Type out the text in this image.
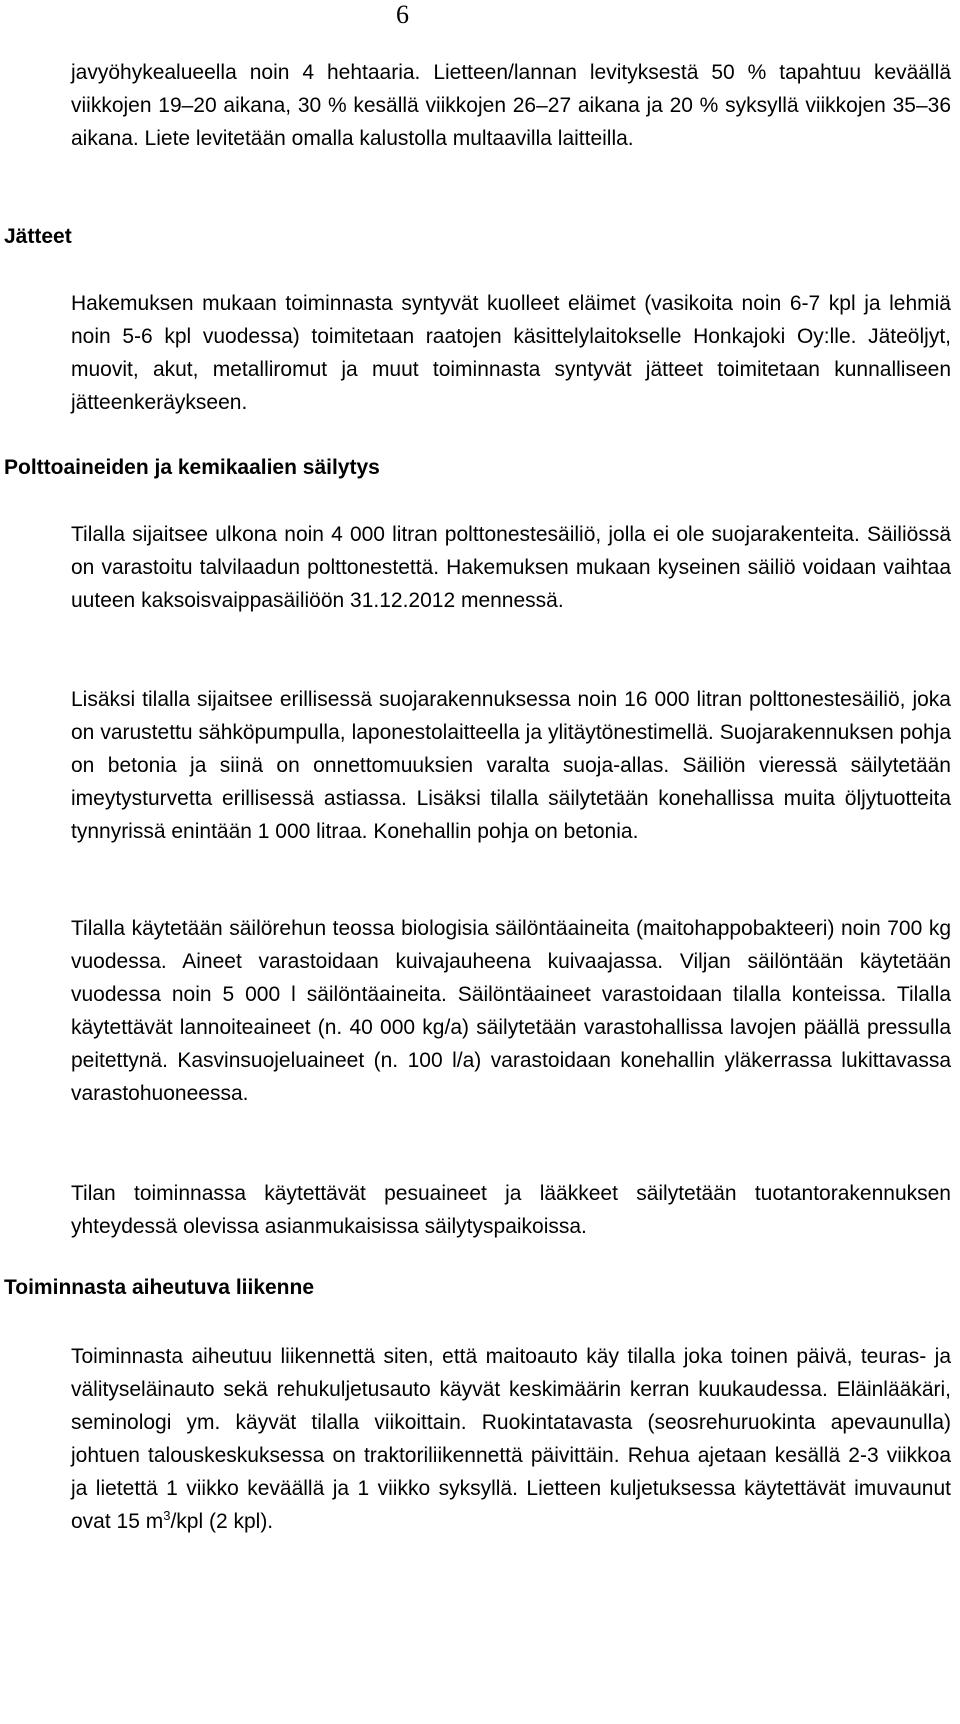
6

javyöhykealueella noin 4 hehtaaria. Lietteen/lannan levityksestä 50 % tapahtuu keväällä viikkojen 19–20 aikana, 30 % kesällä viikkojen 26–27 aikana ja 20 % syksyllä viikkojen 35–36 aikana. Liete levitetään omalla kalustolla multaavilla laitteilla.

Jätteet

Hakemuksen mukaan toiminnasta syntyvät kuolleet eläimet (vasikoita noin 6-7 kpl ja lehmiä noin 5-6 kpl vuodessa) toimitetaan raatojen käsittelylaitokselle Honkajoki Oy:lle. Jäteöljyt, muovit, akut, metalliromut ja muut toiminnasta syntyvät jätteet toimitetaan kunnalliseen jätteenkeräykseen.

Polttoaineiden ja kemikaalien säilytys

Tilalla sijaitsee ulkona noin 4 000 litran polttonestesäiliö, jolla ei ole suojarakenteita. Säiliössä on varastoitu talvilaadun polttonestettä. Hakemuksen mukaan kyseinen säiliö voidaan vaihtaa uuteen kaksoisvaippasäiliöön 31.12.2012 mennessä.

Lisäksi tilalla sijaitsee erillisessä suojarakennuksessa noin 16 000 litran polttonestesäiliö, joka on varustettu sähköpumpulla, laponestolaitteella ja ylitäytönestimellä. Suojarakennuksen pohja on betonia ja siinä on onnettomuuksien varalta suoja-allas. Säiliön vieressä säilytetään imeytysturvetta erillisessä astiassa. Lisäksi tilalla säilytetään konehallissa muita öljytuotteita tynnyrissä enintään 1 000 litraa. Konehallin pohja on betonia.

Tilalla käytetään säilörehun teossa biologisia säilöntäaineita (maitohappobakteeri) noin 700 kg vuodessa. Aineet varastoidaan kuivajauheena kuivaajassa. Viljan säilöntään käytetään vuodessa noin 5 000 l säilöntäaineita. Säilöntäaineet varastoidaan tilalla konteissa. Tilalla käytettävät lannoiteaineet (n. 40 000 kg/a) säilytetään varastohallissa lavojen päällä pressulla peitettynä. Kasvinsuojeluaineet (n. 100 l/a) varastoidaan konehallin yläkerrassa lukittavassa varastohuoneessa.

Tilan toiminnassa käytettävät pesuaineet ja lääkkeet säilytetään tuotantorakennuksen yhteydessä olevissa asianmukaisissa säilytyspaikoissa.

Toiminnasta aiheutuva liikenne

Toiminnasta aiheutuu liikennettä siten, että maitoauto käy tilalla joka toinen päivä, teuras- ja välityseläinauto sekä rehukuljetusauto käyvät keskimäärin kerran kuukaudessa. Eläinlääkäri, seminologi ym. käyvät tilalla viikoittain. Ruokintatavasta (seosrehuruokinta apevaunulla) johtuen talouskeskuksessa on traktoriliikennettä päivittäin. Rehua ajetaan kesällä 2-3 viikkoa ja lietettä 1 viikko keväällä ja 1 viikko syksyllä. Lietteen kuljetuksessa käytettävät imuvaunut ovat 15 $m^3$/kpl (2 kpl).
